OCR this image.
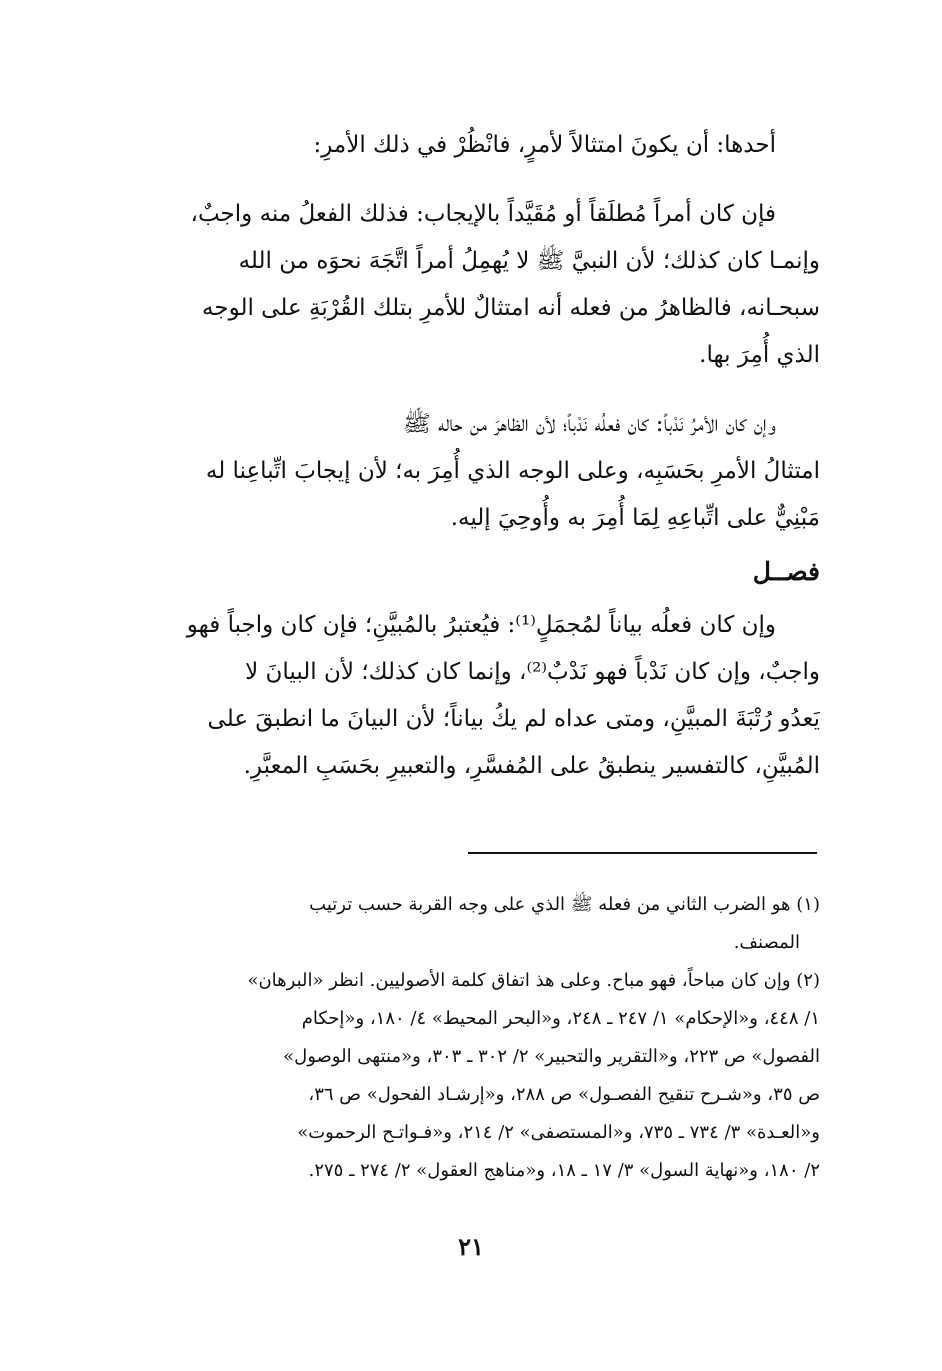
أحدها: أن يكونَ امتثالاً لأمرٍ، فانْظُرْ في ذلك الأمرِ:
فإن كان أمراً مُطلَقاً أو مُقَيَّداً بالإيجاب: فذلك الفعلُ منه واجبٌ،
وإنمـا كان كذلك؛ لأن النبيَّ ﷺ لا يُهمِلُ أمراً اتَّجَهَ نحوَه من الله
سبحـانه، فالظاهرُ من فعله أنه امتثالٌ للأمرِ بتلك القُرْبَةِ على الوجه
الذي أُمِرَ بها.
وإن كان الأمرُ نَدْباً: كان فعلُه نَدْباً؛ لأن الظاهرَ من حاله ﷺ
امتثالُ الأمرِ بحَسَبِه، وعلى الوجه الذي أُمِرَ به؛ لأن إيجابَ اتِّباعِنا له
مَبْنِيٌّ على اتِّباعِهِ لِمَا أُمِرَ به وأُوحِيَ إليه.
فصــل
وإن كان فعلُه بياناً لمُجمَلٍ⁽¹⁾: فيُعتبرُ بالمُبيَّنِ؛ فإن كان واجباً فهو
واجبٌ، وإن كان نَدْباً فهو نَدْبٌ⁽²⁾، وإنما كان كذلك؛ لأن البيانَ لا
يَعدُو رُتْبَةَ المبيَّنِ، ومتى عداه لم يكُ بياناً؛ لأن البيانَ ما انطبقَ على
المُبيَّنِ، كالتفسير ينطبقُ على المُفسَّرِ، والتعبيرِ بحَسَبِ المعبَّرِ.
(١) هو الضرب الثاني من فعله ﷺ الذي على وجه القربة حسب ترتيب
المصنف.
(٢) وإن كان مباحاً، فهو مباح. وعلى هذ اتفاق كلمة الأصوليين. انظر «البرهان»
١/ ٤٤٨، و«الإحكام» ١/ ٢٤٧ ـ ٢٤٨، و«البحر المحيط» ٤/ ١٨٠، و«إحكام
الفصول» ص ٢٢٣، و«التقرير والتحبير» ٢/ ٣٠٢ ـ ٣٠٣، و«منتهى الوصول»
ص ٣٥، و«شـرح تنقيح الفصـول» ص ٢٨٨، و«إرشـاد الفحول» ص ٣٦،
و«العـدة» ٣/ ٧٣٤ ـ ٧٣٥، و«المستصفى» ٢/ ٢١٤، و«فـواتـح الرحموت»
٢/ ١٨٠، و«نهاية السول» ٣/ ١٧ ـ ١٨، و«مناهج العقول» ٢/ ٢٧٤ ـ ٢٧٥.
٢١
